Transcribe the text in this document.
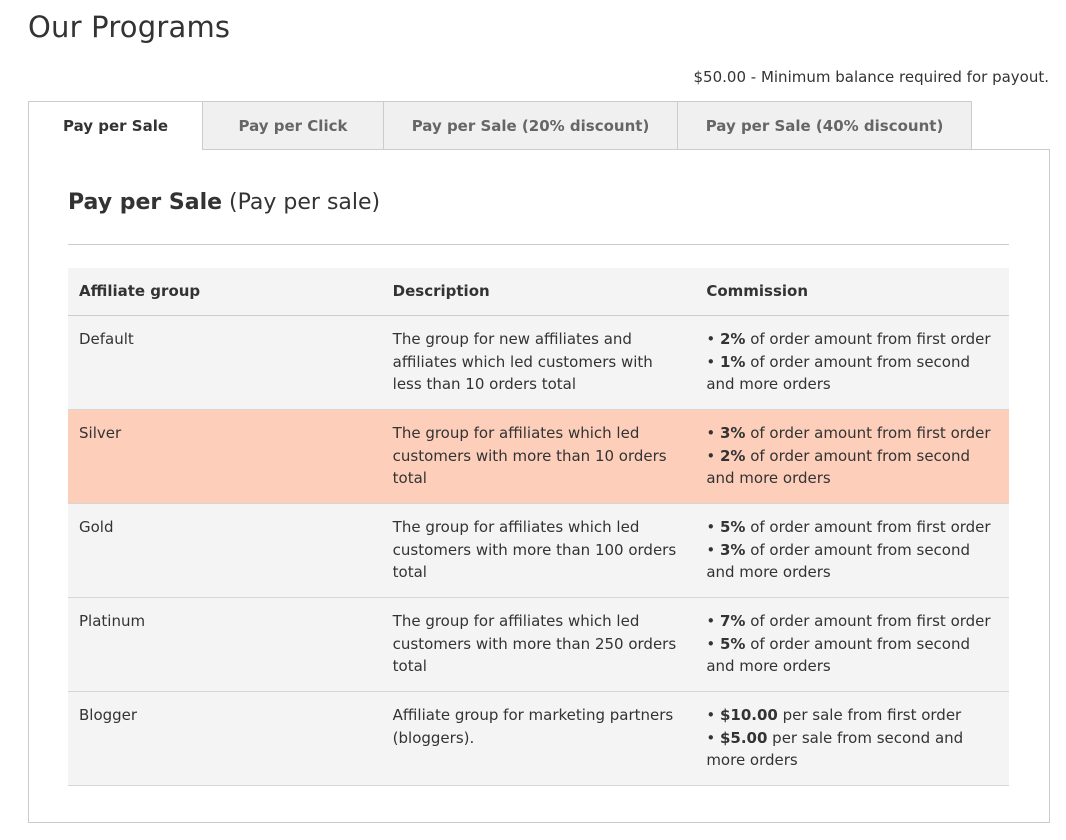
Our Programs
$50.00 - Minimum balance required for payout.
Pay per Sale	Pay per Click	Pay per Sale (20% discount)	Pay per Sale (40% discount)
Pay per Sale (Pay per sale)
Affiliate group	Description	Commission
Default	The group for new affiliates and affiliates which led customers with less than 10 orders total	• 2% of order amount from first order
• 1% of order amount from second and more orders

Silver	The group for affiliates which led customers with more than 10 orders total	• 3% of order amount from first order
• 2% of order amount from second and more orders

Gold	The group for affiliates which led customers with more than 100 orders total	• 5% of order amount from first order
• 3% of order amount from second and more orders

Platinum	The group for affiliates which led customers with more than 250 orders total	• 7% of order amount from first order
• 5% of order amount from second and more orders

Blogger	Affiliate group for marketing partners (bloggers).	• $10.00 per sale from first order
• $5.00 per sale from second and more orders
